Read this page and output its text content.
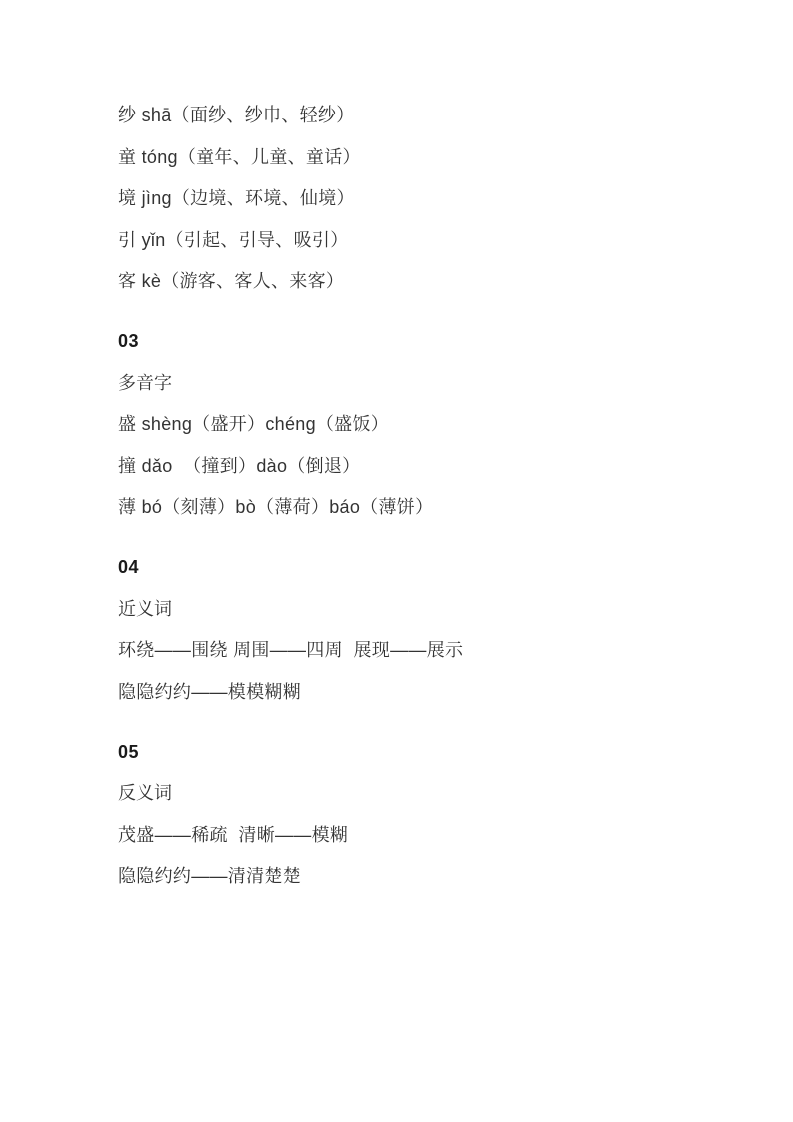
纱 shā（面纱、纱巾、轻纱）

童 tóng（童年、儿童、童话）

境 jìng（边境、环境、仙境）

引 yǐn（引起、引导、吸引）

客 kè（游客、客人、来客）

03

多音字

盛 shèng（盛开）chéng（盛饭）

撞 dǎo  （撞到）dào（倒退）

薄 bó（刻薄）bò（薄荷）báo（薄饼）

04

近义词

环绕——围绕 周围——四周  展现——展示

隐隐约约——模模糊糊

05

反义词

茂盛——稀疏  清晰——模糊

隐隐约约——清清楚楚
